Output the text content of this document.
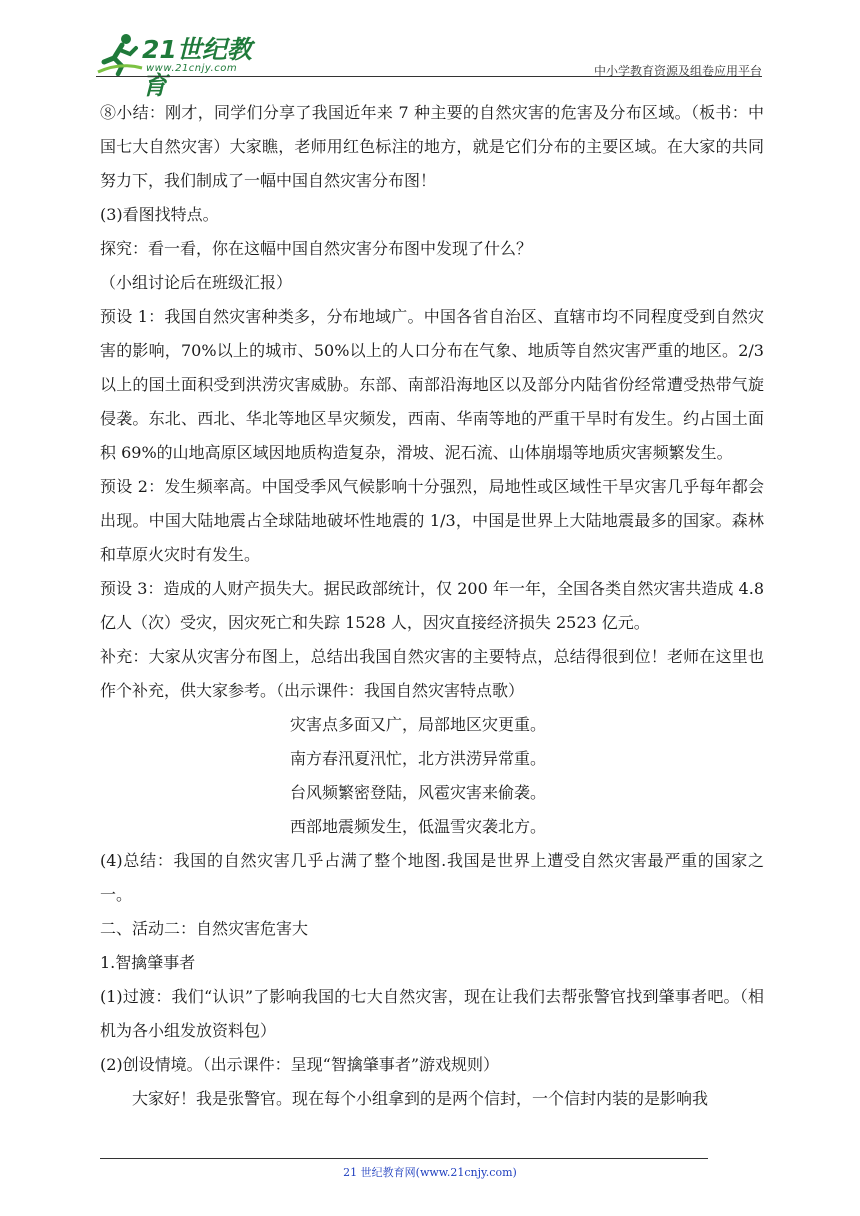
21世纪教育
www.21cnjy.com	中小学教育资源及组卷应用平台

⑧小结：刚才，同学们分享了我国近年来 7 种主要的自然灾害的危害及分布区域。（板书：中国七大自然灾害）大家瞧，老师用红色标注的地方，就是它们分布的主要区域。在大家的共同努力下，我们制成了一幅中国自然灾害分布图！

(3)看图找特点。

探究：看一看，你在这幅中国自然灾害分布图中发现了什么？

（小组讨论后在班级汇报）

预设 1：我国自然灾害种类多，分布地域广。中国各省自治区、直辖市均不同程度受到自然灾害的影响，70%以上的城市、50%以上的人口分布在气象、地质等自然灾害严重的地区。2/3 以上的国土面积受到洪涝灾害威胁。东部、南部沿海地区以及部分内陆省份经常遭受热带气旋侵袭。东北、西北、华北等地区旱灾频发，西南、华南等地的严重干旱时有发生。约占国土面积 69%的山地高原区域因地质构造复杂，滑坡、泥石流、山体崩塌等地质灾害频繁发生。

预设 2：发生频率高。中国受季风气候影响十分强烈，局地性或区域性干旱灾害几乎每年都会出现。中国大陆地震占全球陆地破坏性地震的 1/3，中国是世界上大陆地震最多的国家。森林和草原火灾时有发生。

预设 3：造成的人财产损失大。据民政部统计，仅 200 年一年，全国各类自然灾害共造成 4.8 亿人（次）受灾，因灾死亡和失踪 1528 人，因灾直接经济损失 2523 亿元。

补充：大家从灾害分布图上，总结出我国自然灾害的主要特点，总结得很到位！老师在这里也作个补充，供大家参考。（出示课件：我国自然灾害特点歌）

灾害点多面又广，局部地区灾更重。

南方春汛夏汛忙，北方洪涝异常重。

台风频繁密登陆，风雹灾害来偷袭。

西部地震频发生，低温雪灾袭北方。

(4)总结：我国的自然灾害几乎占满了整个地图.我国是世界上遭受自然灾害最严重的国家之一。

二、活动二：自然灾害危害大

1.智擒肇事者

(1)过渡：我们“认识”了影响我国的七大自然灾害，现在让我们去帮张警官找到肇事者吧。（相机为各小组发放资料包）

(2)创设情境。（出示课件：呈现“智擒肇事者”游戏规则）

大家好！我是张警官。现在每个小组拿到的是两个信封，一个信封内装的是影响我

21 世纪教育网(www.21cnjy.com)
